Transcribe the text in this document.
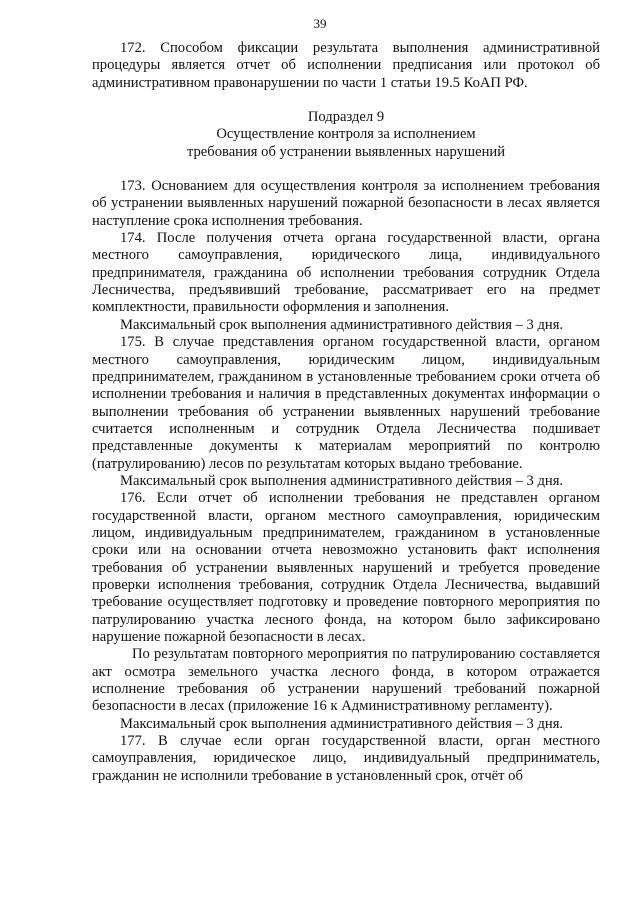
39

172. Способом фиксации результата выполнения административной процедуры является отчет об исполнении предписания или протокол об административном правонарушении по части 1 статьи 19.5 КоАП РФ.

Подраздел 9
Осуществление контроля за исполнением
требования об устранении выявленных нарушений

173. Основанием для осуществления контроля за исполнением требования об устранении выявленных нарушений пожарной безопасности в лесах является наступление срока исполнения требования.

174. После получения отчета органа государственной власти, органа местного самоуправления, юридического лица, индивидуального предпринимателя, гражданина об исполнении требования сотрудник Отдела Лесничества, предъявивший требование, рассматривает его на предмет комплектности, правильности оформления и заполнения.

Максимальный срок выполнения административного действия – 3 дня.

175. В случае представления органом государственной власти, органом местного самоуправления, юридическим лицом, индивидуальным предпринимателем, гражданином в установленные требованием сроки отчета об исполнении требования и наличия в представленных документах информации о выполнении требования об устранении выявленных нарушений требование считается исполненным и сотрудник Отдела Лесничества подшивает представленные документы к материалам мероприятий по контролю (патрулированию) лесов по результатам которых выдано требование.

Максимальный срок выполнения административного действия – 3 дня.

176. Если отчет об исполнении требования не представлен органом государственной власти, органом местного самоуправления, юридическим лицом, индивидуальным предпринимателем, гражданином в установленные сроки или на основании отчета невозможно установить факт исполнения требования об устранении выявленных нарушений и требуется проведение проверки исполнения требования, сотрудник Отдела Лесничества, выдавший требование осуществляет подготовку и проведение повторного мероприятия по патрулированию участка лесного фонда, на котором было зафиксировано нарушение пожарной безопасности в лесах.

По результатам повторного мероприятия по патрулированию составляется акт осмотра земельного участка лесного фонда, в котором отражается исполнение требования об устранении нарушений требований пожарной безопасности в лесах (приложение 16 к Административному регламенту).

Максимальный срок выполнения административного действия – 3 дня.

177. В случае если орган государственной власти, орган местного самоуправления, юридическое лицо, индивидуальный предприниматель, гражданин не исполнили требование в установленный срок, отчёт об
